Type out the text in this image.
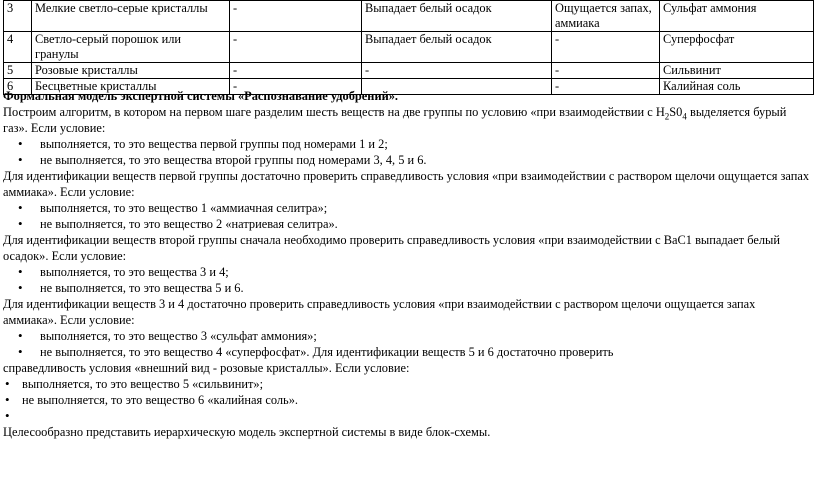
3	Мелкие светло-серые кристаллы	-	Выпадает белый осадок	Ощущается запах, аммиака	Сульфат аммония
4	Светло-серый порошок или гранулы	-	Выпадает белый осадок	-	Суперфосфат
5	Розовые кристаллы	-	-	-	Сильвинит
6	Бесцветные кристаллы	-		-	Калийная соль

Формальная модель экспертной системы «Распознавание удобрений».

Построим алгоритм, в котором на первом шаге разделим шесть веществ на две группы по условию «при взаимодействии с $H_2S0_4$ выделяется бурый газ». Если условие:

• выполняется, то это вещества первой группы под номерами 1 и 2;
• не выполняется, то это вещества второй группы под номерами 3, 4, 5 и 6.

Для идентификации веществ первой группы достаточно проверить справедливость условия «при взаимодействии с раствором щелочи ощущается запах аммиака». Если условие:

• выполняется, то это вещество 1 «аммиачная селитра»;
• не выполняется, то это вещество 2 «натриевая селитра».

Для идентификации веществ второй группы сначала необходимо проверить справедливость условия «при взаимодействии с ВаС1 выпадает белый осадок». Если условие:

• выполняется, то это вещества 3 и 4;
• не выполняется, то это вещества 5 и 6.

Для идентификации веществ 3 и 4 достаточно проверить справедливость условия «при взаимодействии с раствором щелочи ощущается запах аммиака». Если условие:

• выполняется, то это вещество 3 «сульфат аммония»;
• не выполняется, то это вещество 4 «суперфосфат». Для идентификации веществ 5 и 6 достаточно проверить

справедливость условия «внешний вид - розовые кристаллы». Если условие:

• выполняется, то это вещество 5 «сильвинит»;
• не выполняется, то это вещество 6 «калийная соль».
•

Целесообразно представить иерархическую модель экспертной системы в виде блок-схемы.
